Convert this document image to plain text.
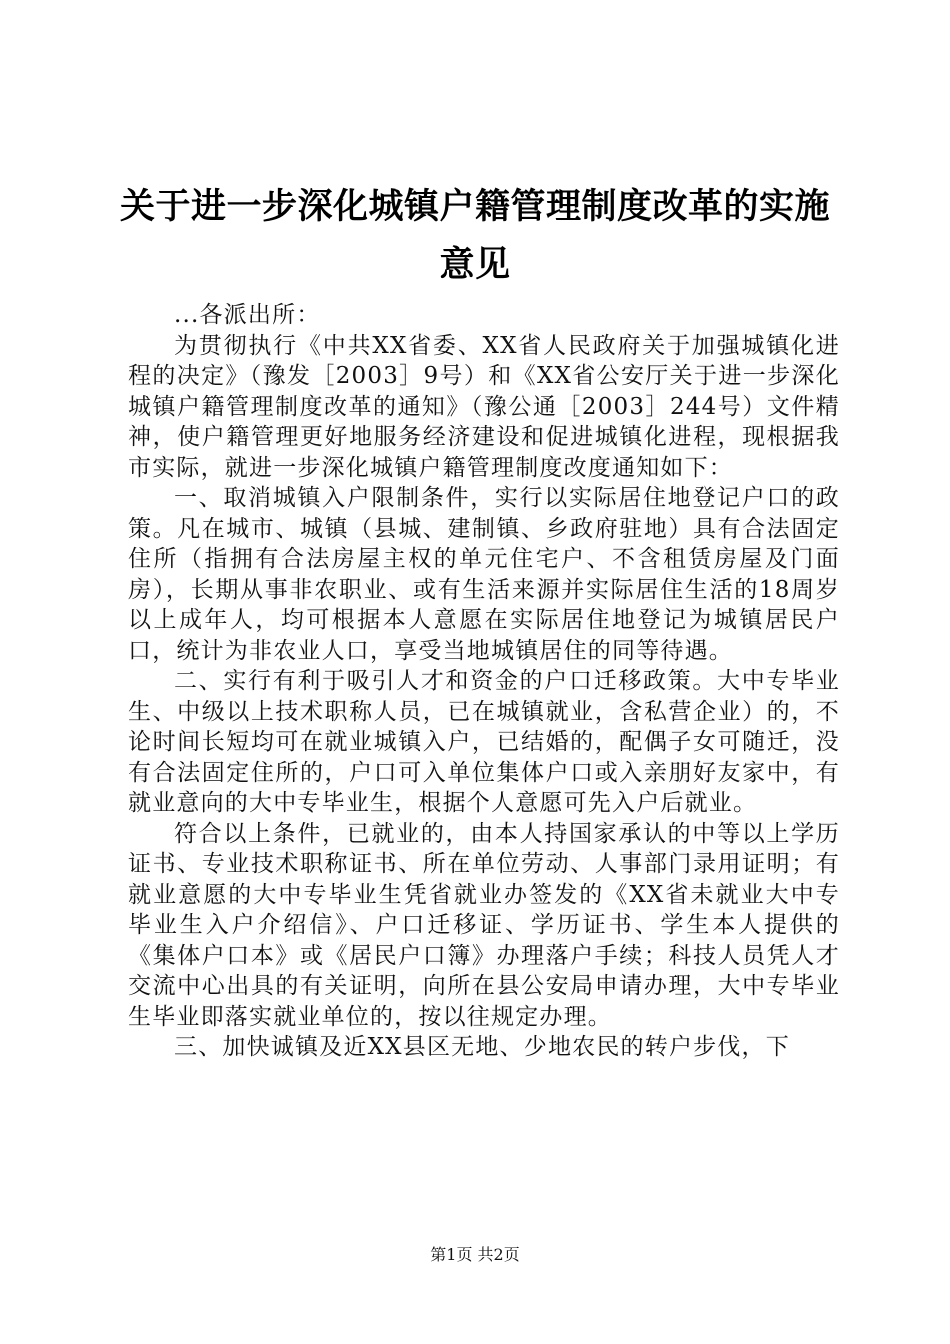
关于进一步深化城镇户籍管理制度改革的实施意见

...各派出所：

为贯彻执行《中共XX省委、XX省人民政府关于加强城镇化进程的决定》（豫发［2003］9号）和《XX省公安厅关于进一步深化城镇户籍管理制度改革的通知》（豫公通［2003］244号）文件精神，使户籍管理更好地服务经济建设和促进城镇化进程，现根据我市实际，就进一步深化城镇户籍管理制度改度通知如下：

一、取消城镇入户限制条件，实行以实际居住地登记户口的政策。凡在城市、城镇（县城、建制镇、乡政府驻地）具有合法固定住所（指拥有合法房屋主权的单元住宅户、不含租赁房屋及门面房），长期从事非农职业、或有生活来源并实际居住生活的18周岁以上成年人，均可根据本人意愿在实际居住地登记为城镇居民户口，统计为非农业人口，享受当地城镇居住的同等待遇。

二、实行有利于吸引人才和资金的户口迁移政策。大中专毕业生、中级以上技术职称人员，已在城镇就业，含私营企业）的，不论时间长短均可在就业城镇入户，已结婚的，配偶子女可随迁，没有合法固定住所的，户口可入单位集体户口或入亲朋好友家中，有就业意向的大中专毕业生，根据个人意愿可先入户后就业。

符合以上条件，已就业的，由本人持国家承认的中等以上学历证书、专业技术职称证书、所在单位劳动、人事部门录用证明；有就业意愿的大中专毕业生凭省就业办签发的《XX省未就业大中专毕业生入户介绍信》、户口迁移证、学历证书、学生本人提供的《集体户口本》或《居民户口簿》办理落户手续；科技人员凭人才交流中心出具的有关证明，向所在县公安局申请办理，大中专毕业生毕业即落实就业单位的，按以往规定办理。

三、加快诚镇及近XX县区无地、少地农民的转户步伐，下

第1页 共2页
